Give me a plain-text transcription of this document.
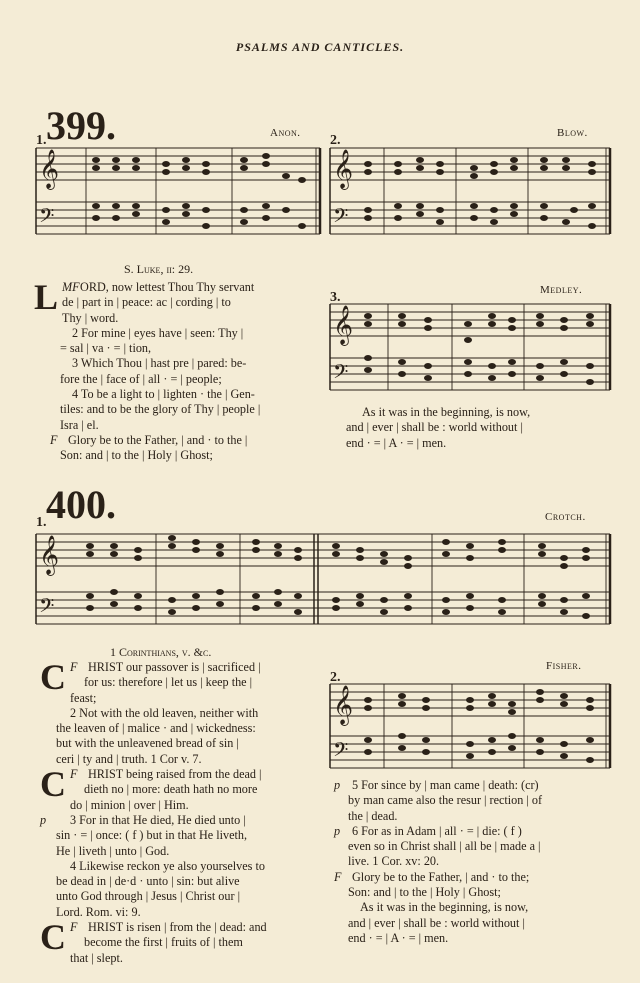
PSALMS AND CANTICLES.
399.
1.	Anon. 2.	Blow.
𝄞
𝄢
𝄞
𝄢
S. Luke, ii: 29.
MF
L ORD, now lettest Thou Thy servant
de | part in | peace: ac | cording | to
Thy | word.
2 For mine | eyes have | seen: Thy |
= sal | va · = | tion,
3 Which Thou | hast pre | pared: be-
fore the | face of | all · = | people;
4 To be a light to | lighten · the | Gen-
tiles: and to be the glory of Thy | people |
Isra | el.
F Glory be to the Father, | and · to the |
Son: and | to the | Holy | Ghost;
3.	Medley.
𝄞
𝄢
As it was in the beginning, is now,
and | ever | shall be : world without |
end · = | A · = | men.
400.
1.	Crotch.
𝄞
𝄢
1 Corinthians, v. &c.
F
C HRIST our passover is | sacrificed |
for us: therefore | let us | keep the |
feast;
2 Not with the old leaven, neither with
the leaven of | malice · and | wickedness:
but with the unleavened bread of sin |
ceri | ty and | truth. 1 Cor v. 7.
F
C HRIST being raised from the dead |
dieth no | more: death hath no more
do | minion | over | Him.
p 3 For in that He died, He died unto |
sin · = | once: ( f ) but in that He liveth,
He | liveth | unto | God.
4 Likewise reckon ye also yourselves to
be dead in | de·d · unto | sin: but alive
unto God through | Jesus | Christ our |
Lord. Rom. vi: 9.
F
C HRIST is risen | from the | dead: and
become the first | fruits of | them
that | slept.
2.
Fisher.
𝄞
𝄢
p 5 For since by | man came | death: (cr)
by man came also the resur | rection | of
the | dead.
p 6 For as in Adam | all · = | die: ( f )
even so in Christ shall | all be | made a |
live. 1 Cor. xv: 20.
F Glory be to the Father, | and · to the;
Son: and | to the | Holy | Ghost;
As it was in the beginning, is now,
and | ever | shall be : world without |
end · = | A · = | men.
